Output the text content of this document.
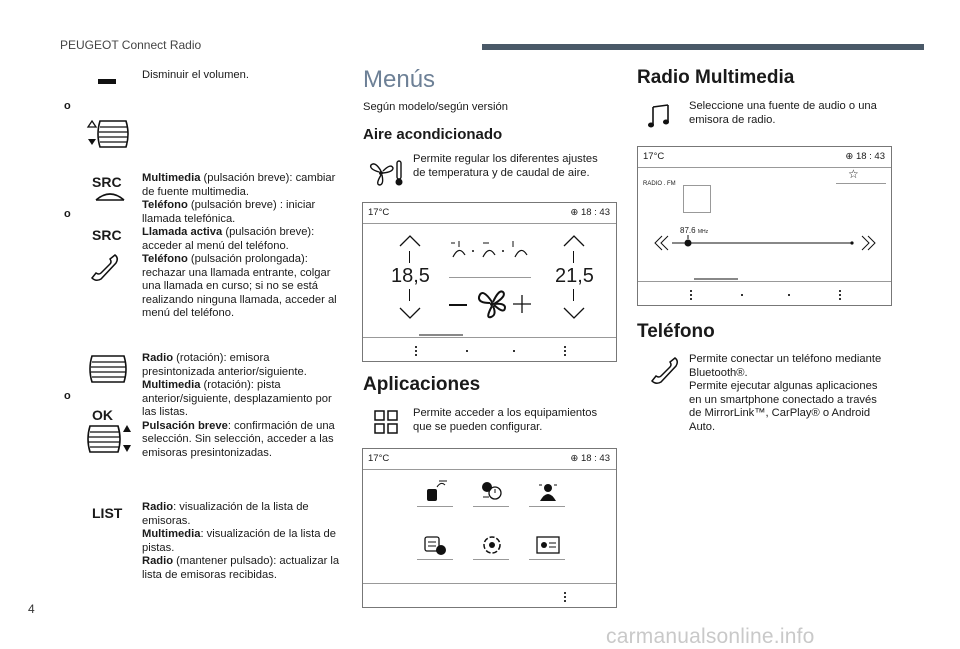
PEUGEOT Connect Radio
Disminuir el volumen.
o
SRC
o
SRC
Multimedia (pulsación breve): cambiar de fuente multimedia.
Teléfono (pulsación breve) : iniciar llamada telefónica.
Llamada activa (pulsación breve): acceder al menú del teléfono.
Teléfono (pulsación prolongada): rechazar una llamada entrante, colgar una llamada en curso; si no se está realizando ninguna llamada, acceder al menú del teléfono.
o
OK
Radio (rotación): emisora presintonizada anterior/siguiente.
Multimedia (rotación): pista anterior/siguiente, desplazamiento por las listas.
Pulsación breve: confirmación de una selección. Sin selección, acceder a las emisoras presintonizadas.
LIST Radio: visualización de la lista de emisoras.
Multimedia: visualización de la lista de pistas.
Radio (mantener pulsado): actualizar la lista de emisoras recibidas.
Menús
Según modelo/según versión
Aire acondicionado
Permite regular los diferentes ajustes de temperatura y de caudal de aire.
17°C	⊕ 18 : 43
18,5	21,5
Aplicaciones
Permite acceder a los equipamientos que se pueden configurar.
17°C	⊕ 18 : 43
Radio Multimedia
Seleccione una fuente de audio o una emisora de radio.
17°C	⊕ 18 : 43
RADIO . FM
☆
87.6 MHz
Teléfono
Permite conectar un teléfono mediante Bluetooth®.
Permite ejecutar algunas aplicaciones en un smartphone conectado a través de MirrorLink™, CarPlay® o Android Auto.
4
carmanualsonline.info
